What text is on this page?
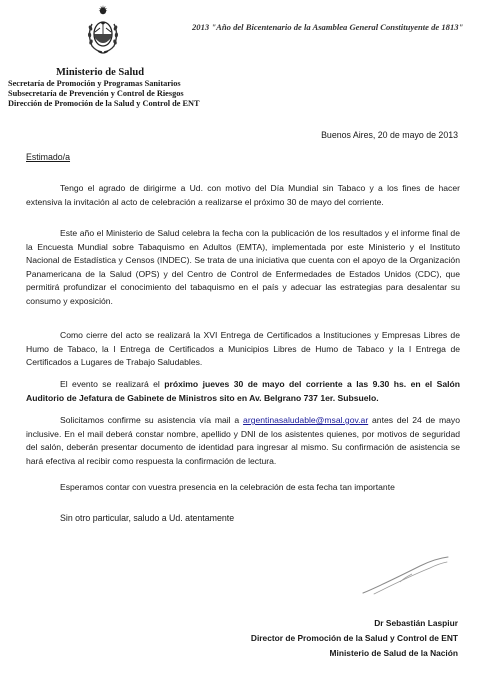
2013 "Año del Bicentenario de la Asamblea General Constituyente de 1813"
Ministerio de Salud
Secretaría de Promoción y Programas Sanitarios
Subsecretaría de Prevención y Control de Riesgos
Dirección de Promoción de la Salud y Control de ENT
Buenos Aires, 20 de mayo de 2013
Estimado/a

Tengo el agrado de dirigirme a Ud. con motivo del Día Mundial sin Tabaco y a los fines de hacer extensiva la invitación al acto de celebración a realizarse el próximo 30 de mayo del corriente.

Este año el Ministerio de Salud celebra la fecha con la publicación de los resultados y el informe final de la Encuesta Mundial sobre Tabaquismo en Adultos (EMTA), implementada por este Ministerio y el Instituto Nacional de Estadística y Censos (INDEC). Se trata de una iniciativa que cuenta con el apoyo de la Organización Panamericana de la Salud (OPS) y del Centro de Control de Enfermedades de Estados Unidos (CDC), que permitirá profundizar el conocimiento del tabaquismo en el país y adecuar las estrategias para desalentar su consumo y exposición.

Como cierre del acto se realizará la XVI Entrega de Certificados a Instituciones y Empresas Libres de Humo de Tabaco, la I Entrega de Certificados a Municipios Libres de Humo de Tabaco y la I Entrega de Certificados a Lugares de Trabajo Saludables.

El evento se realizará el próximo jueves 30 de mayo del corriente a las 9.30 hs. en el Salón Auditorio de Jefatura de Gabinete de Ministros sito en Av. Belgrano 737 1er. Subsuelo.

Solicitamos confirme su asistencia vía mail a argentinasaludable@msal.gov.ar antes del 24 de mayo inclusive. En el mail deberá constar nombre, apellido y DNI de los asistentes quienes, por motivos de seguridad del salón, deberán presentar documento de identidad para ingresar al mismo. Su confirmación de asistencia se hará efectiva al recibir como respuesta la confirmación de lectura.

Esperamos contar con vuestra presencia en la celebración de esta fecha tan importante

Sin otro particular, saludo a Ud. atentamente
Dr Sebastián Laspiur
Director de Promoción de la Salud y Control de ENT
Ministerio de Salud de la Nación
